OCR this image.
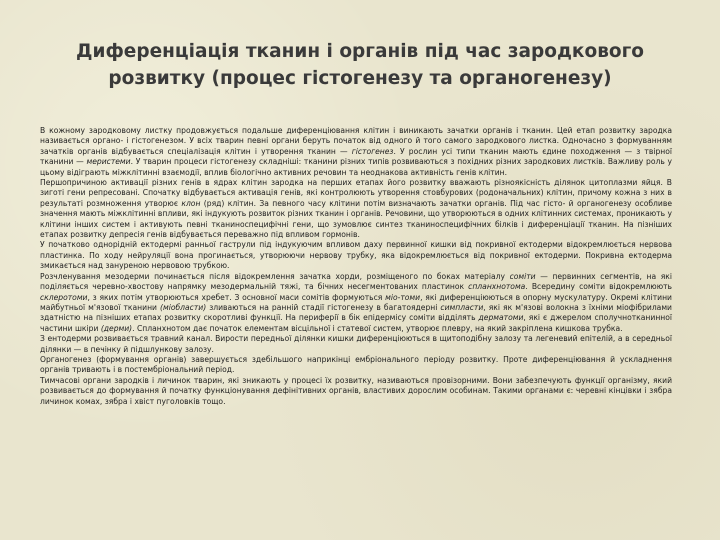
Диференціація тканин і органів під час зародкового
розвитку (процес гістогенезу та органогенезу)

В кожному зародковому листку продовжується подальше диференціювання клітин і виникають зачатки органів і тканин. Цей етап розвитку зародка називається органо- і гістогенезом. У всіх тварин певні органи беруть початок від одного й того самого зародкового листка. Одночасно з формуванням зачатків органів відбувається спеціалізація клітин і утворення тканин — гістогенез. У рослин усі типи тканин мають єдине походження — з твірної тканини — меристеми. У тварин процеси гістогенезу складніші: тканини різних типів розвиваються з похідних різних зародкових листків. Важливу роль у цьому відіграють міжклітинні взаємодії, вплив біологічно активних речовин та неоднакова активність генів клітин.

Першопричиною активації різних генів в ядрах клітин зародка на перших етапах його розвитку вважають різноякісність ділянок цитоплазми яйця. В зиготі гени репресовані. Спочатку відбувається активація генів, які контролюють утворення стовбурових (родоначальних) клітин, причому кожна з них в результаті розмноження утворює клон (ряд) клітин. За певного часу клітини потім визначають зачатки органів. Під час гісто- й органогенезу особливе значення мають міжклітинні впливи, які індукують розвиток різних тканин і органів. Речовини, що утворюються в одних клітинних системах, проникають у клітини інших систем і активують певні тканиноспецифічні гени, що зумовлює синтез тканиноспецифічних білків і диференціації тканин. На пізніших етапах розвитку депресія генів відбувається переважно під впливом гормонів.

У початково однорідній ектодермі ранньої гаструли під індукуючим впливом даху первинної кишки від покривної ектодерми відокремлюється нервова пластинка. По ходу нейруляції вона прогинається, утворюючи нервову трубку, яка відокремлюється від покривної ектодерми. Покривна ектодерма змикається над зануреною нервовою трубкою.

Розчленування мезодерми починається після відокремлення зачатка хорди, розміщеного по боках матеріалу соміти — первинних сегментів, на які поділяється черевно-хвостову напрямку мезодермальній тяжі, та бічних несегментованих пластинок спланхнотома. Всередину соміти відокремлюють склеротоми, з яких потім утворюються хребет. З основної маси сомітів формуються міо-томи, які диференціюються в опорну мускулатуру. Окремі клітини майбутньої м'язової тканини (міобласти) зливаються на ранній стадії гістогенезу в багатоядерні симпласти, які як м'язові волокна з їхніми міофібрилами здатністю на пізніших етапах розвитку скоротливі функції. На периферії в бік епідермісу соміти відділять дерматоми, які є джерелом сполучнотканинної частини шкіри (дерми). Спланхнотом дає початок елементам вісцільної і статевої систем, утворює плевру, на який закріплена кишкова трубка.

З ентодерми розвивається травний канал. Вирости передньої ділянки кишки диференціюються в щитоподібну залозу та легеневий епітелій, а в середньої ділянки — в печінку й підшлункову залозу.

Органогенез (формування органів) завершується здебільшого наприкінці ембріонального періоду розвитку. Проте диференціювання й ускладнення органів тривають і в постембріональний період.

Тимчасові органи зародків і личинок тварин, які зникають у процесі їх розвитку, називаються провізорними. Вони забезпечують функції організму, який розвивається до формування й початку функціонування дефінітивних органів, властивих дорослим особинам. Такими органами є: черевні кінцівки і зябра личинок комах, зябра і хвіст пуголовків тощо.
